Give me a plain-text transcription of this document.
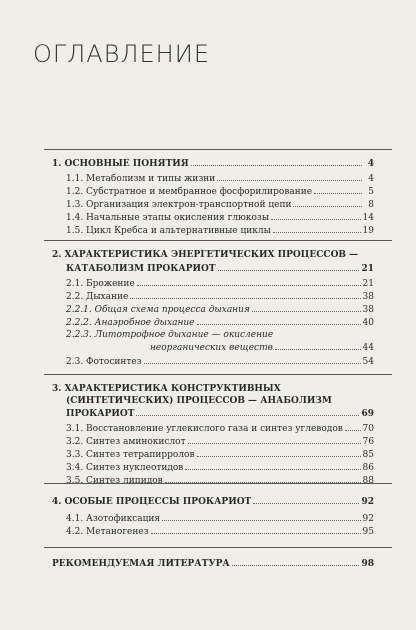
ОГЛАВЛЕНИЕ
1. ОСНОВНЫЕ ПОНЯТИЯ	4
1.1. Метаболизм и типы жизни	4
1.2. Субстратное и мембранное фосфорилирование	5
1.3. Организация электрон-транспортной цепи	8
1.4. Начальные этапы окисления глюкозы	14
1.5. Цикл Кребса и альтернативные циклы	19
2. ХАРАКТЕРИСТИКА ЭНЕРГЕТИЧЕСКИХ ПРОЦЕССОВ —
КАТАБОЛИЗМ ПРОКАРИОТ	21
2.1. Брожение	21
2.2. Дыхание	38
2.2.1. Общая схема процесса дыхания	38
2.2.2. Анаэробное дыхание	40
2.2.3. Литотрофное дыхание — окисление
неорганических веществ	44
2.3. Фотосинтез	54
3. ХАРАКТЕРИСТИКА КОНСТРУКТИВНЫХ
(СИНТЕТИЧЕСКИХ) ПРОЦЕССОВ — АНАБОЛИЗМ
ПРОКАРИОТ	69
3.1. Восстановление углекислого газа и синтез углеводов 70
3.2. Синтез аминокислот	76
3.3. Синтез тетрапирролов	85
3.4. Синтез нуклеотидов	86
3.5. Синтез липидов	88
4. ОСОБЫЕ ПРОЦЕССЫ ПРОКАРИОТ	92
4.1. Азотофиксация	92
4.2. Метаногенез	95
РЕКОМЕНДУЕМАЯ ЛИТЕРАТУРА	98
